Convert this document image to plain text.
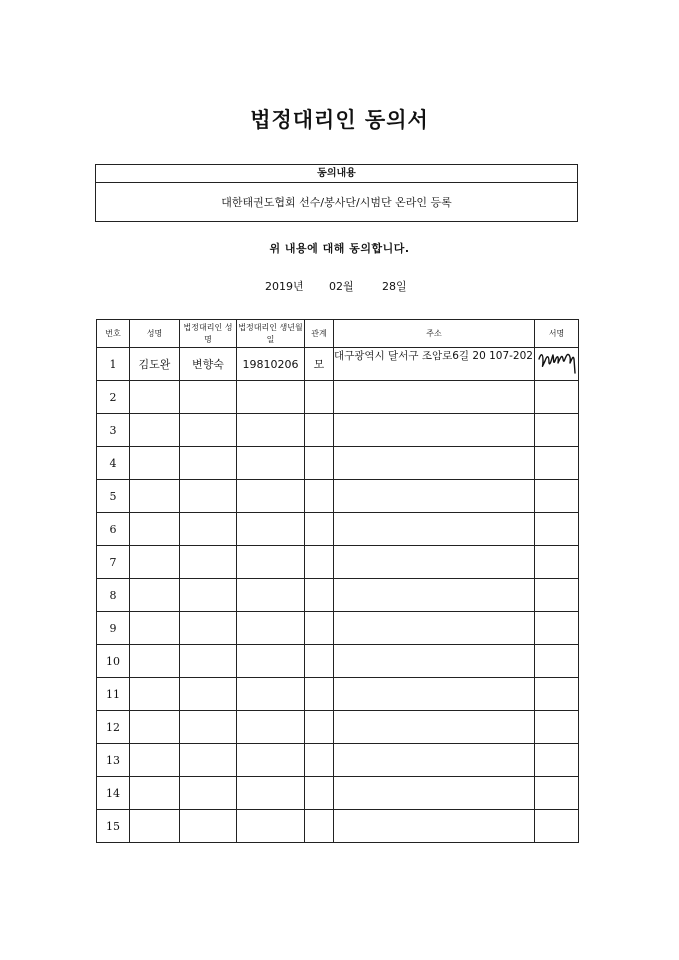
법정대리인 동의서
동의내용
대한태권도협회 선수/봉사단/시범단 온라인 등록
위 내용에 대해 동의합니다.
2019년 02월	28일
번호	성명	법정대리인 성명	법정대리인 생년월일	관계	주소	서명
1	김도완	변향숙	19810206	모	대구광역시 달서구 조암로6길 20 107-202	

2						
3						
4						
5						
6						
7						
8						
9						
10						
11						
12						
13						
14						
15						
